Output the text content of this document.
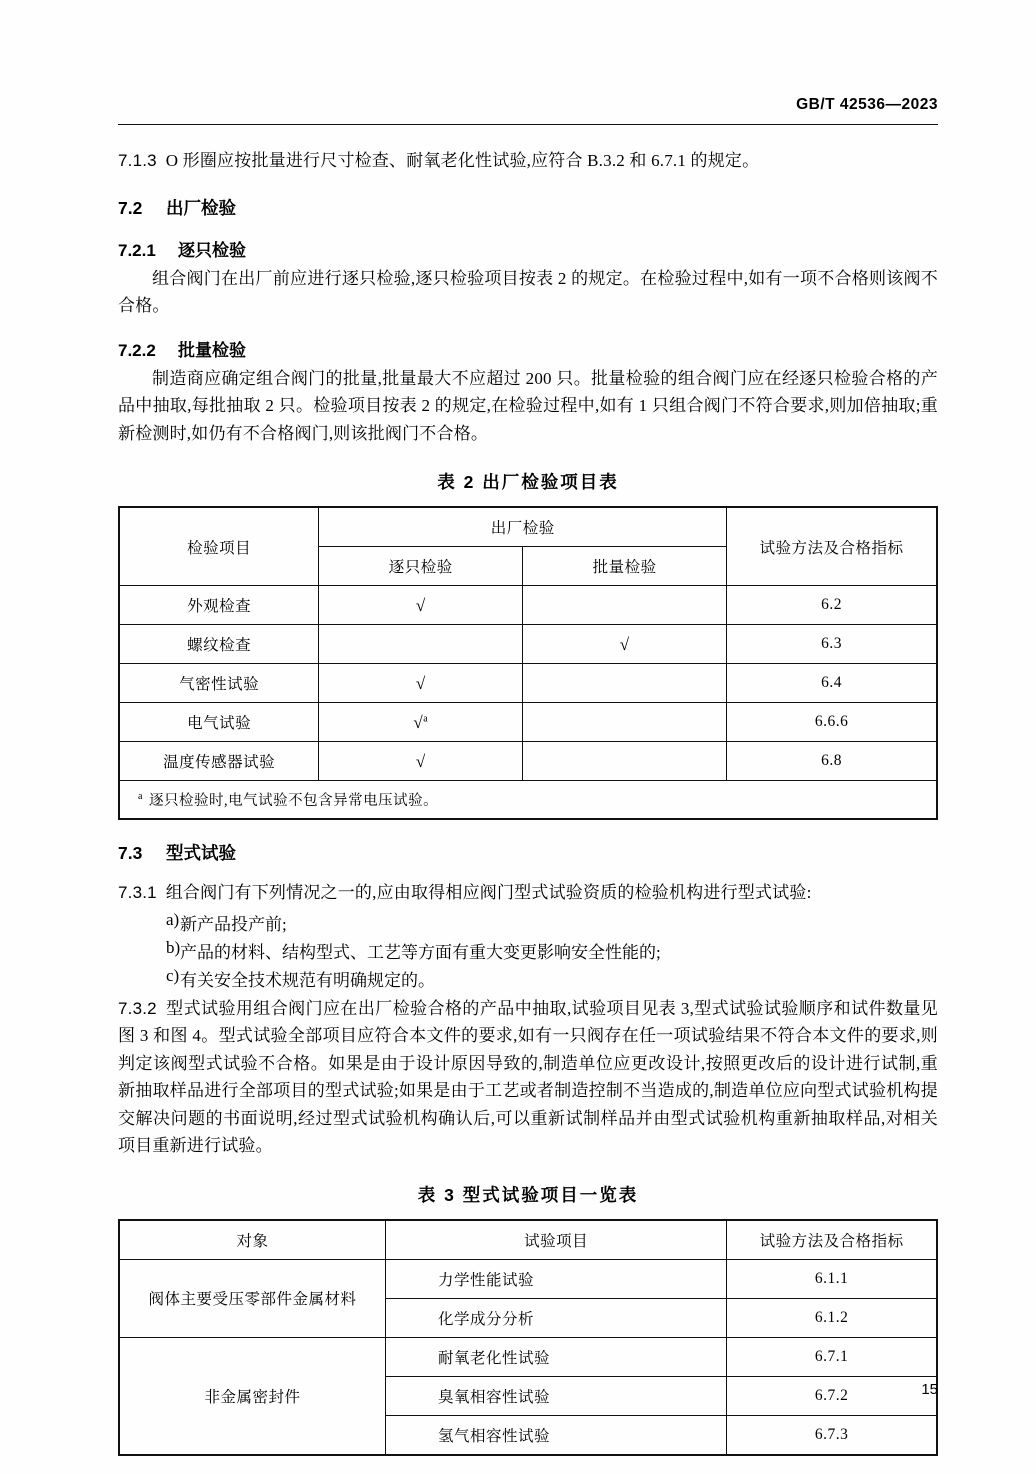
GB/T 42536—2023

7.1.3 O 形圈应按批量进行尺寸检查、耐氧老化性试验,应符合 B.3.2 和 6.7.1 的规定。

7.2 出厂检验
7.2.1 逐只检验

组合阀门在出厂前应进行逐只检验,逐只检验项目按表 2 的规定。在检验过程中,如有一项不合格则该阀不合格。

7.2.2 批量检验

制造商应确定组合阀门的批量,批量最大不应超过 200 只。批量检验的组合阀门应在经逐只检验合格的产品中抽取,每批抽取 2 只。检验项目按表 2 的规定,在检验过程中,如有 1 只组合阀门不符合要求,则加倍抽取;重新检测时,如仍有不合格阀门,则该批阀门不合格。

表 2 出厂检验项目表
检验项目	出厂检验		试验方法及合格指标
	逐只检验	批量检验	
外观检查	√		6.2
螺纹检查		√	6.3
气密性试验	√		6.4
电气试验	√$^a$		6.6.6
温度传感器试验	√		6.8
$^a$ 逐只检验时,电气试验不包含异常电压试验。			
7.3 型式试验

7.3.1 组合阀门有下列情况之一的,应由取得相应阀门型式试验资质的检验机构进行型式试验:

a) 新产品投产前;
b) 产品的材料、结构型式、工艺等方面有重大变更影响安全性能的;
c) 有关安全技术规范有明确规定的。

7.3.2 型式试验用组合阀门应在出厂检验合格的产品中抽取,试验项目见表 3,型式试验试验顺序和试件数量见图 3 和图 4。型式试验全部项目应符合本文件的要求,如有一只阀存在任一项试验结果不符合本文件的要求,则判定该阀型式试验不合格。如果是由于设计原因导致的,制造单位应更改设计,按照更改后的设计进行试制,重新抽取样品进行全部项目的型式试验;如果是由于工艺或者制造控制不当造成的,制造单位应向型式试验机构提交解决问题的书面说明,经过型式试验机构确认后,可以重新试制样品并由型式试验机构重新抽取样品,对相关项目重新进行试验。

表 3 型式试验项目一览表
对象	试验项目	试验方法及合格指标
阀体主要受压零部件金属材料	力学性能试验	6.1.1
	化学成分分析	6.1.2
非金属密封件	耐氧老化性试验	6.7.1
	臭氧相容性试验	6.7.2
	氢气相容性试验	6.7.3
15
